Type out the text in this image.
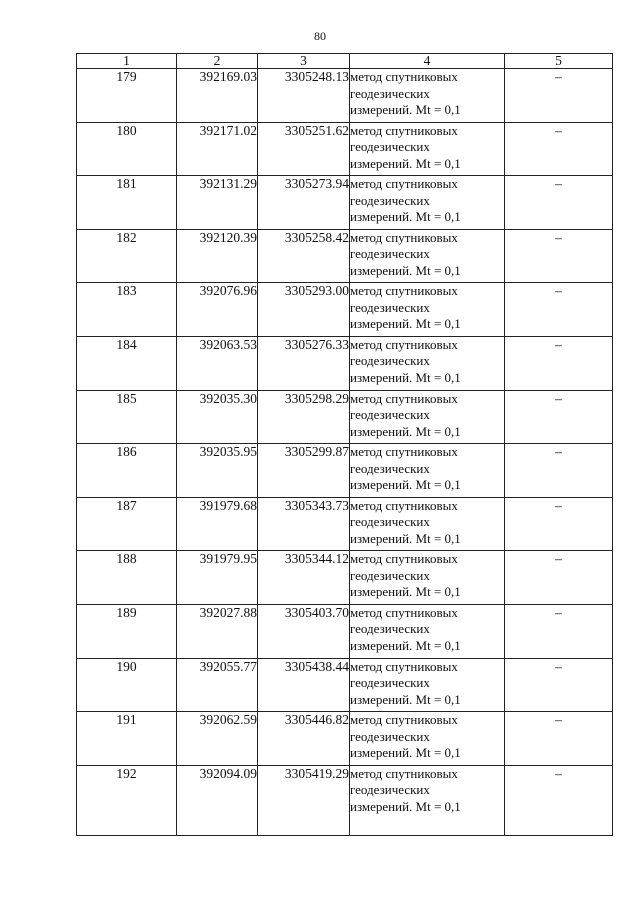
80
1	2	3	4	5
179	392169.03	3305248.13	метод спутниковых
геодезических
измерений. Mt = 0,1	–
180	392171.02	3305251.62	метод спутниковых
геодезических
измерений. Mt = 0,1	–
181	392131.29	3305273.94	метод спутниковых
геодезических
измерений. Mt = 0,1	–
182	392120.39	3305258.42	метод спутниковых
геодезических
измерений. Mt = 0,1	–
183	392076.96	3305293.00	метод спутниковых
геодезических
измерений. Mt = 0,1	–
184	392063.53	3305276.33	метод спутниковых
геодезических
измерений. Mt = 0,1	–
185	392035.30	3305298.29	метод спутниковых
геодезических
измерений. Mt = 0,1	–
186	392035.95	3305299.87	метод спутниковых
геодезических
измерений. Mt = 0,1	–
187	391979.68	3305343.73	метод спутниковых
геодезических
измерений. Mt = 0,1	–
188	391979.95	3305344.12	метод спутниковых
геодезических
измерений. Mt = 0,1	–
189	392027.88	3305403.70	метод спутниковых
геодезических
измерений. Mt = 0,1	–
190	392055.77	3305438.44	метод спутниковых
геодезических
измерений. Mt = 0,1	–
191	392062.59	3305446.82	метод спутниковых
геодезических
измерений. Mt = 0,1	–
192	392094.09	3305419.29	метод спутниковых
геодезических
измерений. Mt = 0,1	–
